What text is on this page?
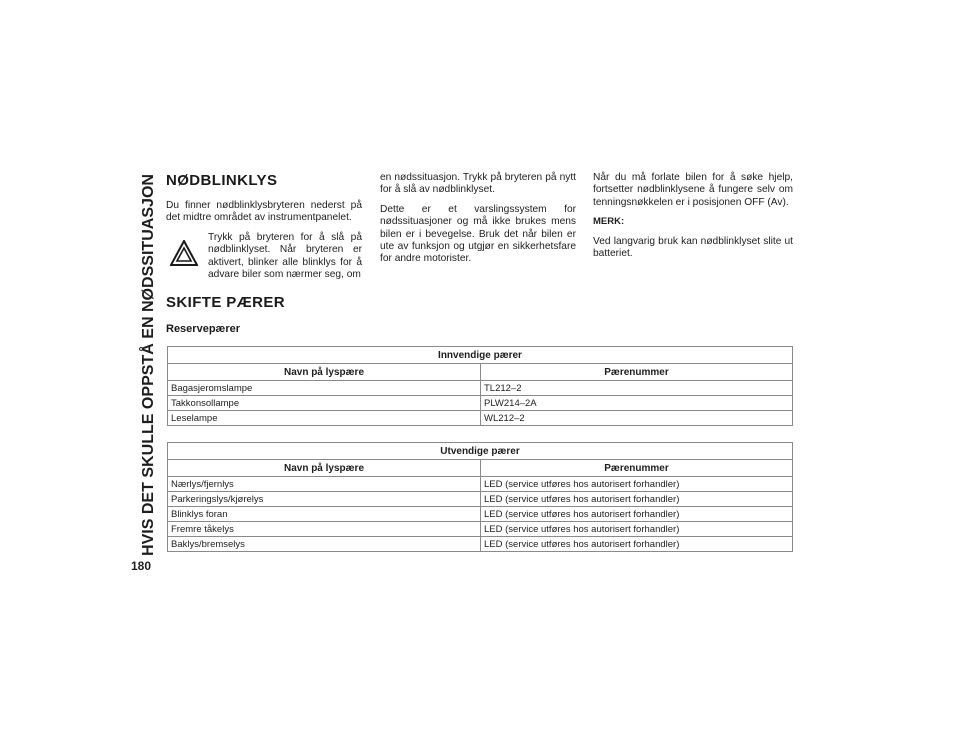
HVIS DET SKULLE OPPSTÅ EN NØDSSITUASJON
180
NØDBLINKLYS

Du finner nødblinklysbryteren nederst på det midtre området av instrumentpanelet.

Trykk på bryteren for å slå på nødblinklyset. Når bryteren er aktivert, blinker alle blinklys for å advare biler som nærmer seg, om

en nødssituasjon. Trykk på bryteren på nytt for å slå av nødblinklyset.

Dette er et varslingssystem for nødssituasjoner og må ikke brukes mens bilen er i bevegelse. Bruk det når bilen er ute av funksjon og utgjør en sikkerhetsfare for andre motorister.

Når du må forlate bilen for å søke hjelp, fortsetter nødblinklysene å fungere selv om tenningsnøkkelen er i posisjonen OFF (Av).

MERK:

Ved langvarig bruk kan nødblinklyset slite ut batteriet.

SKIFTE PÆRER
Reservepærer
Innvendige pærer	
Navn på lyspære	Pærenummer
Bagasjeromslampe	TL212–2
Takkonsollampe	PLW214–2A
Leselampe	WL212–2
Utvendige pærer	
Navn på lyspære	Pærenummer
Nærlys/fjernlys	LED (service utføres hos autorisert forhandler)
Parkeringslys/kjørelys	LED (service utføres hos autorisert forhandler)
Blinklys foran	LED (service utføres hos autorisert forhandler)
Fremre tåkelys	LED (service utføres hos autorisert forhandler)
Baklys/bremselys	LED (service utføres hos autorisert forhandler)
